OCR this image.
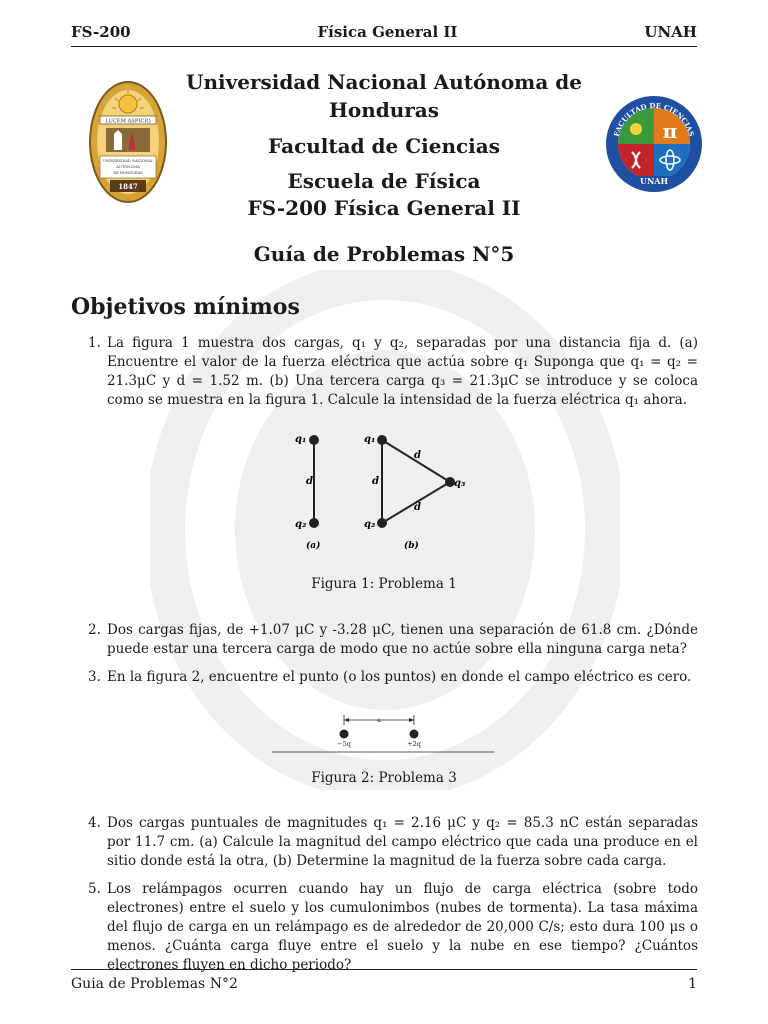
FS-200	Física General II	UNAH
LUCEM ASPICIO
UNIVERSIDAD NACIONAL
AUTONOMA
DE HONDURAS
1847
π
FACULTAD DE CIENCIAS
UNAH
Universidad Nacional Autónoma de
Honduras
Facultad de Ciencias
Escuela de Física
FS-200 Física General II
Guía de Problemas N°5
Objetivos mínimos
1. La figura 1 muestra dos cargas, q₁ y q₂, separadas por una distancia fija d. (a) Encuentre el valor de la fuerza eléctrica que actúa sobre q₁ Suponga que q₁ = q₂ = 21.3μC y d = 1.52 m. (b) Una tercera carga q₃ = 21.3μC se introduce y se coloca como se muestra en la figura 1. Calcule la intensidad de la fuerza eléctrica q₁ ahora.
q₁
q₂
d
(a)
q₁
q₂
q₃
d
d
d
(b)
Figura 1: Problema 1
2. Dos cargas fijas, de +1.07 μC y -3.28 μC, tienen una separación de 61.8 cm. ¿Dónde puede estar una tercera carga de modo que no actúe sobre ella ninguna carga neta?
3. En la figura 2, encuentre el punto (o los puntos) en donde el campo eléctrico es cero.
a
−5q	+2q
Figura 2: Problema 3
4. Dos cargas puntuales de magnitudes q₁ = 2.16 μC y q₂ = 85.3 nC están separadas por 11.7 cm. (a) Calcule la magnitud del campo eléctrico que cada una produce en el sitio donde está la otra, (b) Determine la magnitud de la fuerza sobre cada carga.
5. Los relámpagos ocurren cuando hay un flujo de carga eléctrica (sobre todo electrones) entre el suelo y los cumulonimbos (nubes de tormenta). La tasa máxima del flujo de carga en un relámpago es de alrededor de 20,000 C/s; esto dura 100 μs o menos. ¿Cuánta carga fluye entre el suelo y la nube en ese tiempo? ¿Cuántos electrones fluyen en dicho periodo?
Guia de Problemas N°2	1
